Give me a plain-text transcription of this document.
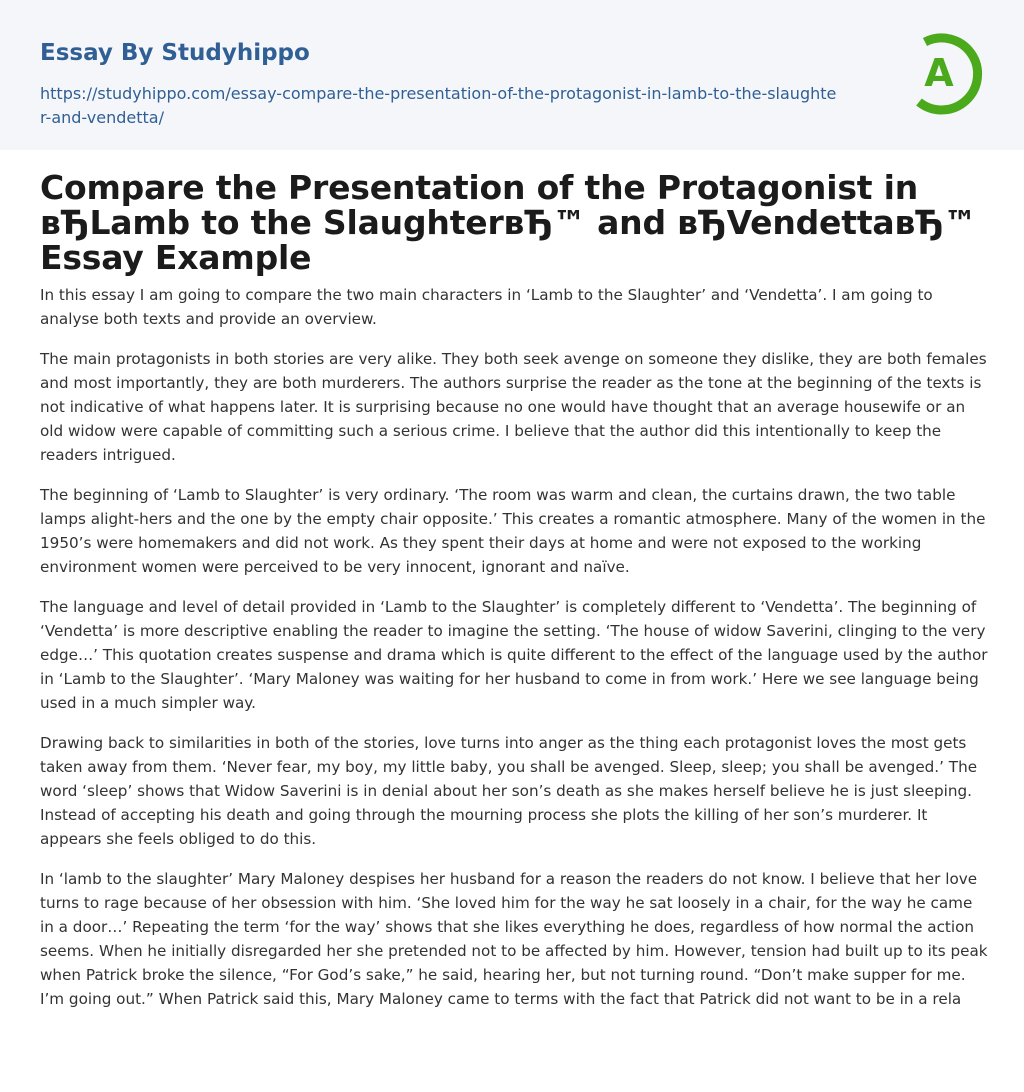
Essay By Studyhippo
https://studyhippo.com/essay-compare-the-presentation-of-the-protagonist-in-lamb-to-the-slaughter-and-vendetta/
A
Compare the Presentation of the Protagonist in вЂLamb to the SlaughterвЂ™ and вЂVendettaвЂ™ Essay Example

In this essay I am going to compare the two main characters in ‘Lamb to the Slaughter’ and ‘Vendetta’. I am going to analyse both texts and provide an overview.

The main protagonists in both stories are very alike. They both seek avenge on someone they dislike, they are both females and most importantly, they are both murderers. The authors surprise the reader as the tone at the beginning of the texts is not indicative of what happens later. It is surprising because no one would have thought that an average housewife or an old widow were capable of committing such a serious crime. I believe that the author did this intentionally to keep the readers intrigued.

The beginning of ‘Lamb to Slaughter’ is very ordinary. ‘The room was warm and clean, the curtains drawn, the two table lamps alight-hers and the one by the empty chair opposite.’ This creates a romantic atmosphere. Many of the women in the 1950’s were homemakers and did not work. As they spent their days at home and were not exposed to the working environment women were perceived to be very innocent, ignorant and naïve.

The language and level of detail provided in ‘Lamb to the Slaughter’ is completely different to ‘Vendetta’. The beginning of ‘Vendetta’ is more descriptive enabling the reader to imagine the setting. ‘The house of widow Saverini, clinging to the very edge…’ This quotation creates suspense and drama which is quite different to the effect of the language used by the author in ‘Lamb to the Slaughter’. ‘Mary Maloney was waiting for her husband to come in from work.’ Here we see language being used in a much simpler way.

Drawing back to similarities in both of the stories, love turns into anger as the thing each protagonist loves the most gets taken away from them. ‘Never fear, my boy, my little baby, you shall be avenged. Sleep, sleep; you shall be avenged.’ The word ‘sleep’ shows that Widow Saverini is in denial about her son’s death as she makes herself believe he is just sleeping. Instead of accepting his death and going through the mourning process she plots the killing of her son’s murderer. It appears she feels obliged to do this.

In ‘lamb to the slaughter’ Mary Maloney despises her husband for a reason the readers do not know. I believe that her love turns to rage because of her obsession with him. ‘She loved him for the way he sat loosely in a chair, for the way he came in a door…’ Repeating the term ‘for the way’ shows that she likes everything he does, regardless of how normal the action seems. When he initially disregarded her she pretended not to be affected by him. However, tension had built up to its peak when Patrick broke the silence, “For God’s sake,” he said, hearing her, but not turning round. “Don’t make supper for me. I’m going out.” When Patrick said this, Mary Maloney came to terms with the fact that Patrick did not want to be in a rela
